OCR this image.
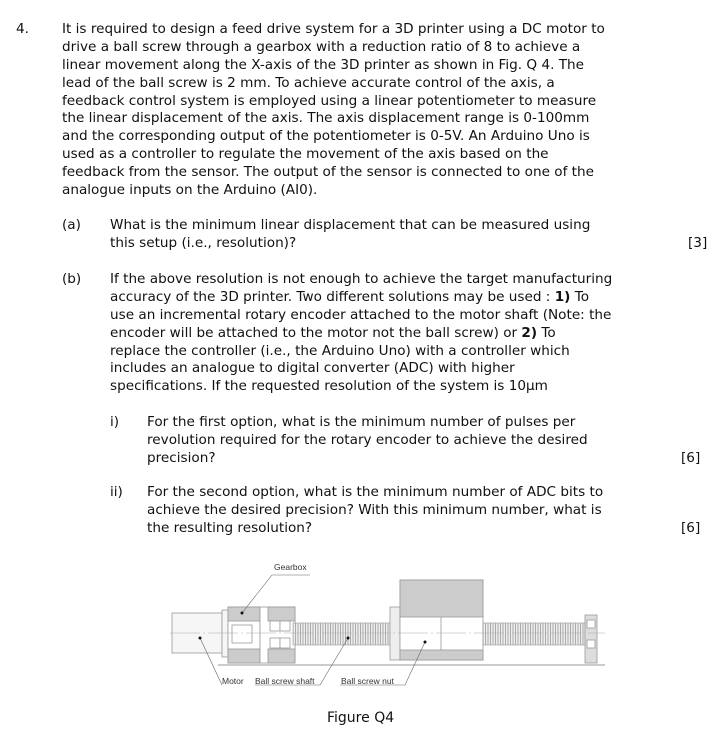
4. It is required to design a feed drive system for a 3D printer using a DC motor to
drive a ball screw through a gearbox with a reduction ratio of 8 to achieve a
linear movement along the X-axis of the 3D printer as shown in Fig. Q 4. The
lead of the ball screw is 2 mm. To achieve accurate control of the axis, a
feedback control system is employed using a linear potentiometer to measure
the linear displacement of the axis. The axis displacement range is 0-100mm
and the corresponding output of the potentiometer is 0-5V. An Arduino Uno is
used as a controller to regulate the movement of the axis based on the
feedback from the sensor. The output of the sensor is connected to one of the
analogue inputs on the Arduino (AI0).
(a) What is the minimum linear displacement that can be measured using
this setup (i.e., resolution)?	[3]
(b) If the above resolution is not enough to achieve the target manufacturing
accuracy of the 3D printer. Two different solutions may be used : 1) To
use an incremental rotary encoder attached to the motor shaft (Note: the
encoder will be attached to the motor not the ball screw) or 2) To
replace the controller (i.e., the Arduino Uno) with a controller which
includes an analogue to digital converter (ADC) with higher
specifications. If the requested resolution of the system is 10µm
i) For the first option, what is the minimum number of pulses per
revolution required for the rotary encoder to achieve the desired
precision?	[6]
ii) For the second option, what is the minimum number of ADC bits to
achieve the desired precision? With this minimum number, what is
the resulting resolution?	[6]
Gearbox
Motor Ball screw shaft	Ball screw nut
Figure Q4
